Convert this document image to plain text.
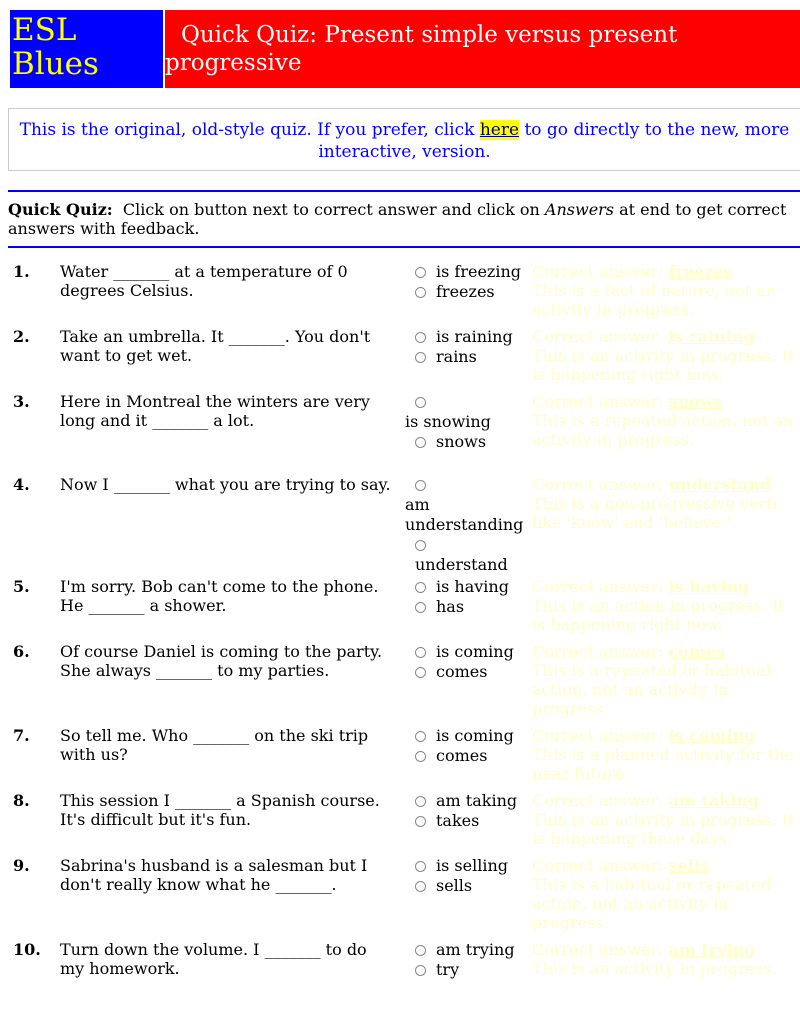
ESL Blues
Quick Quiz: Present simple versus present progressive
This is the original, old-style quiz. If you prefer, click here to go directly to the new, more interactive, version.
Quick Quiz:  Click on button next to correct answer and click on Answers at end to get correct answers with feedback.
1. Water _______ at a temperature of 0 degrees Celsius.
is freezing
freezes
Correct answer: freezes
This is a fact of nature, not an activity in progress.
2. Take an umbrella. It _______. You don't want to get wet.
is raining
rains
Correct answer: is raining
This is an activity in progress. It is happening right now.
3. Here in Montreal the winters are very long and it _______ a lot.	is snowing
snows
Correct answer: snows
This is a repeated action, not an activity in progress.
4. Now I _______ what you are trying to say.
am understanding
understand
Correct answer: understand
This is a non-progressive verb like 'know' and 'believe.'
5. I'm sorry. Bob can't come to the phone. He _______ a shower.
is having
has
Correct answer: is having
This is an action in progress. It is happening right now.
6. Of course Daniel is coming to the party. She always _______ to my parties.
is coming
comes
Correct answer: comes
This is a repeated or habitual action, not an activity in progress.
7. So tell me. Who _______ on the ski trip with us?
is coming
comes
Correct answer: is coming
This is a planned activity for the near future.
8. This session I _______ a Spanish course. It's difficult but it's fun.
am taking
takes
Correct answer: am taking
This is an activity in progress. It is happening these days.
9. Sabrina's husband is a salesman but I don't really know what he _______.
is selling
sells
Correct answer: sells
This is a habitual or repeated action, not an activity in progress.
10. Turn down the volume. I _______ to do my homework.
am trying
try
Correct answer: am trying
This is an activity in progress.
